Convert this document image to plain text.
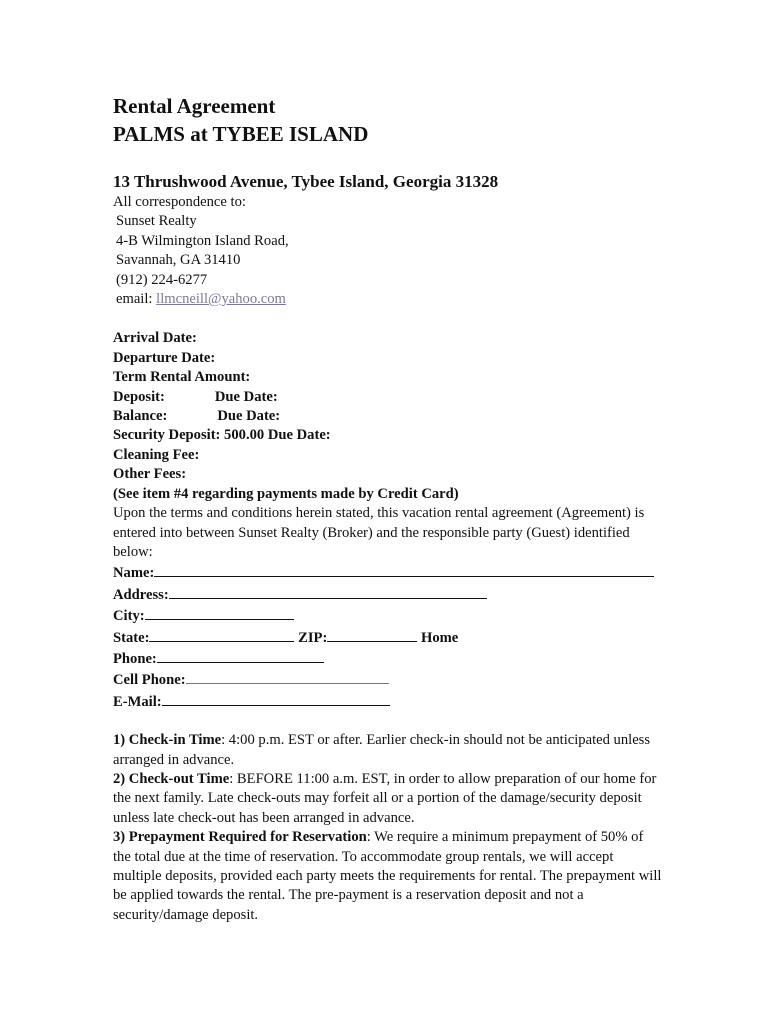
Rental Agreement
PALMS at TYBEE ISLAND
13 Thrushwood Avenue, Tybee Island, Georgia 31328
All correspondence to:
Sunset Realty
4-B Wilmington Island Road,
Savannah, GA 31410
(912) 224-6277
email: llmcneill@yahoo.com
Arrival Date:
Departure Date:
Term Rental Amount:
Deposit:	Due Date:
Balance:	Due Date:
Security Deposit: 500.00 Due Date:
Cleaning Fee:
Other Fees:
(See item #4 regarding payments made by Credit Card)
Upon the terms and conditions herein stated, this vacation rental agreement (Agreement) is entered into between Sunset Realty (Broker) and the responsible party (Guest) identified below:
Name:
Address:
City:
State:	ZIP:	Home
Phone:
Cell Phone:
E-Mail:
1) Check-in Time: 4:00 p.m. EST or after. Earlier check-in should not be anticipated unless arranged in advance.
2) Check-out Time: BEFORE 11:00 a.m. EST, in order to allow preparation of our home for the next family. Late check-outs may forfeit all or a portion of the damage/security deposit unless late check-out has been arranged in advance.
3) Prepayment Required for Reservation: We require a minimum prepayment of 50% of the total due at the time of reservation. To accommodate group rentals, we will accept multiple deposits, provided each party meets the requirements for rental. The prepayment will be applied towards the rental. The pre-payment is a reservation deposit and not a security/damage deposit.
